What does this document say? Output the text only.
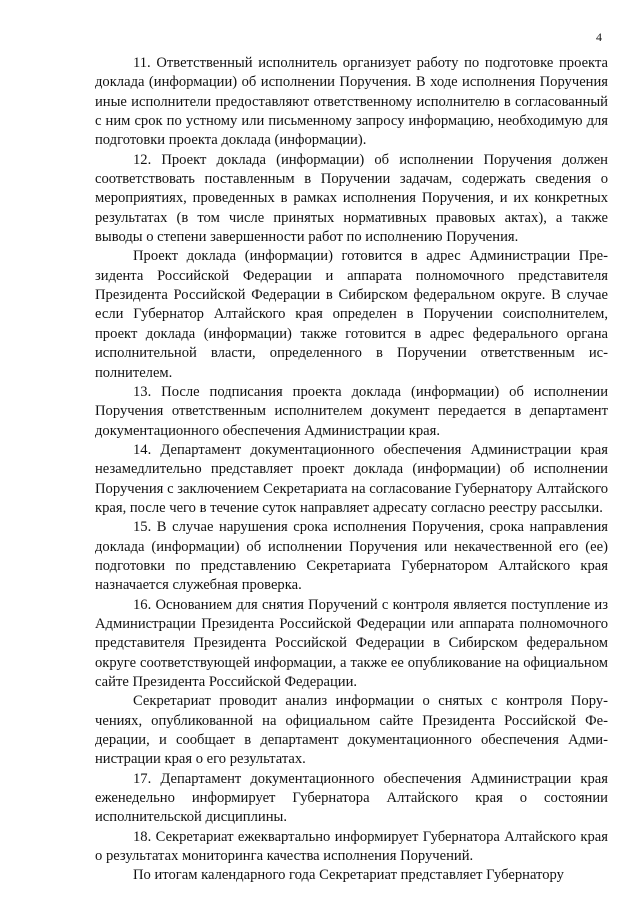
4

11. Ответственный исполнитель организует работу по подготовке проекта доклада (информации) об исполнении Поручения. В ходе исполнения Поручения иные исполнители предоставляют ответственному исполнителю в согласованный с ним срок по устному или письменному запросу информацию, необходимую для подготовки проекта доклада (информации).

12. Проект доклада (информации) об исполнении Поручения должен соответствовать поставленным в Поручении задачам, содержать сведения о мероприятиях, проведенных в рамках исполнения Поручения, и их конкретных результатах (в том числе принятых нормативных правовых актах), а также выводы о степени завершенности работ по исполнению Поручения.

Проект доклада (информации) готовится в адрес Администрации Президента Российской Федерации и аппарата полномочного представителя Президента Российской Федерации в Сибирском федеральном округе. В случае если Губернатор Алтайского края определен в Поручении соисполнителем, проект доклада (информации) также готовится в адрес федерального органа исполнительной власти, определенного в Поручении ответственным исполнителем.

13. После подписания проекта доклада (информации) об исполнении Поручения ответственным исполнителем документ передается в департамент документационного обеспечения Администрации края.

14. Департамент документационного обеспечения Администрации края незамедлительно представляет проект доклада (информации) об исполнении Поручения с заключением Секретариата на согласование Губернатору Алтайского края, после чего в течение суток направляет адресату согласно реестру рассылки.

15. В случае нарушения срока исполнения Поручения, срока направления доклада (информации) об исполнении Поручения или некачественной его (ее) подготовки по представлению Секретариата Губернатором Алтайского края назначается служебная проверка.

16. Основанием для снятия Поручений с контроля является поступление из Администрации Президента Российской Федерации или аппарата полномочного представителя Президента Российской Федерации в Сибирском федеральном округе соответствующей информации, а также ее опубликование на официальном сайте Президента Российской Федерации.

Секретариат проводит анализ информации о снятых с контроля Поручениях, опубликованной на официальном сайте Президента Российской Федерации, и сообщает в департамент документационного обеспечения Администрации края о его результатах.

17. Департамент документационного обеспечения Администрации края еженедельно информирует Губернатора Алтайского края о состоянии исполнительской дисциплины.

18. Секретариат ежеквартально информирует Губернатора Алтайского края о результатах мониторинга качества исполнения Поручений.

По итогам календарного года Секретариат представляет Губернатору
